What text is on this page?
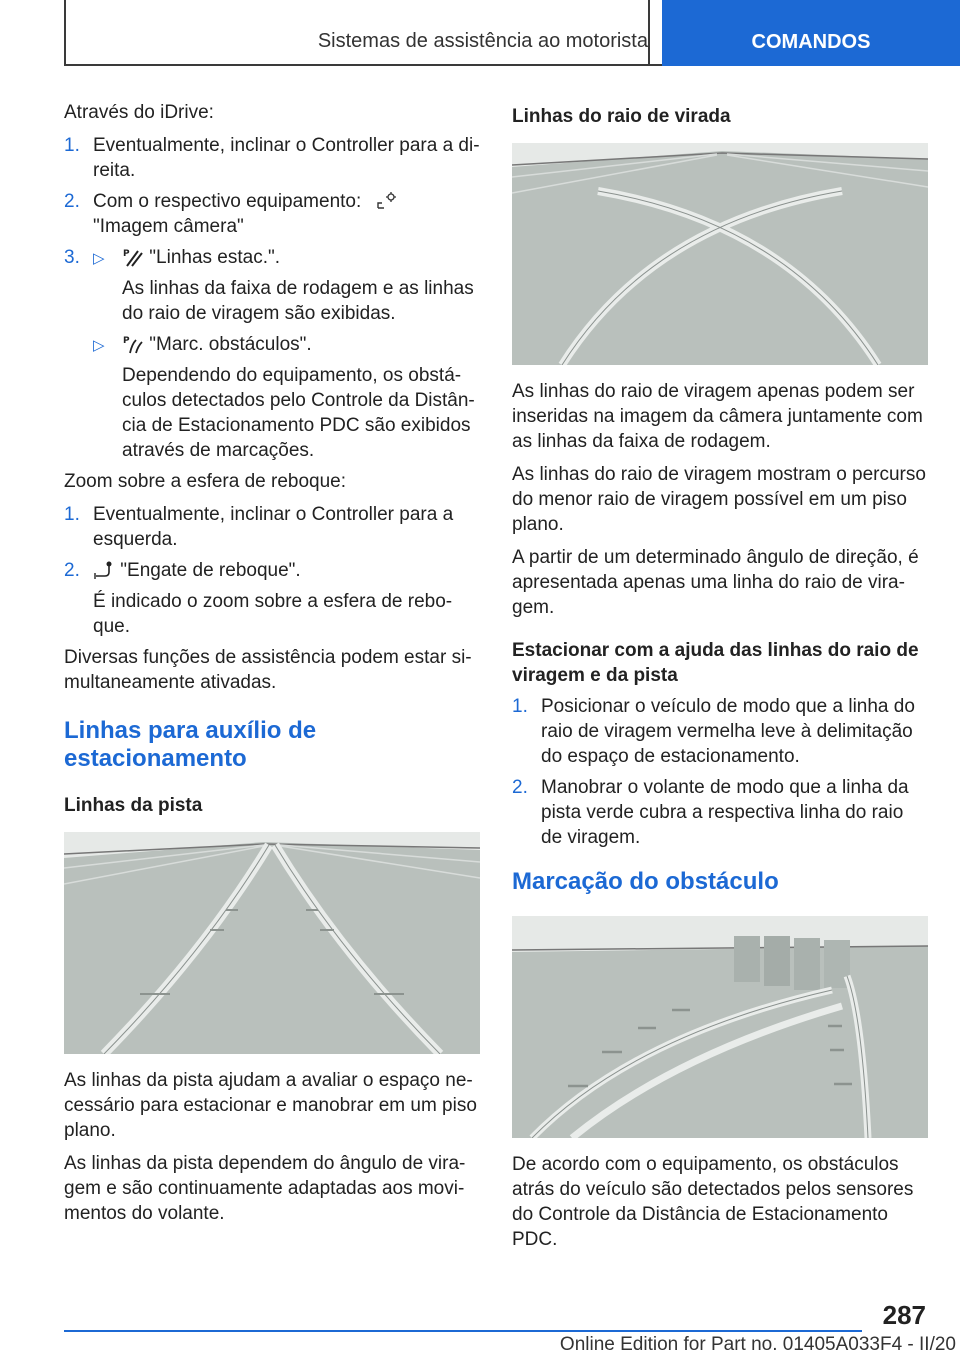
Sistemas de assistência ao motorista	COMANDOS

Através do iDrive:

1. Eventualmente, inclinar o Controller para a di-reita.
2. Com o respectivo equipamento:
"Imagem câmera"
3. ▷ P "Linhas estac.".
As linhas da faixa de rodagem e as linhas do raio de viragem são exibidas.
▷ P "Marc. obstáculos".
Dependendo do equipamento, os obstá-culos detectados pelo Controle da Distân-cia de Estacionamento PDC são exibidos através de marcações.

Zoom sobre a esfera de reboque:

1. Eventualmente, inclinar o Controller para a esquerda.
2. "Engate de reboque".
É indicado o zoom sobre a esfera de rebo-que.

Diversas funções de assistência podem estar si-multaneamente ativadas.

Linhas para auxílio de estacionamento
Linhas da pista

As linhas da pista ajudam a avaliar o espaço ne-cessário para estacionar e manobrar em um piso plano.

As linhas da pista dependem do ângulo de vira-gem e são continuamente adaptadas aos movi-mentos do volante.

Linhas do raio de virada

As linhas do raio de viragem apenas podem ser inseridas na imagem da câmera juntamente com as linhas da faixa de rodagem.

As linhas do raio de viragem mostram o percurso do menor raio de viragem possível em um piso plano.

A partir de um determinado ângulo de direção, é apresentada apenas uma linha do raio de vira-gem.

Estacionar com a ajuda das linhas do raio de viragem e da pista
1. Posicionar o veículo de modo que a linha do raio de viragem vermelha leve à delimitação do espaço de estacionamento.
2. Manobrar o volante de modo que a linha da pista verde cubra a respectiva linha do raio de viragem.
Marcação do obstáculo

De acordo com o equipamento, os obstáculos atrás do veículo são detectados pelos sensores do Controle da Distância de Estacionamento PDC.

287
Online Edition for Part no. 01405A033F4 - II/20
